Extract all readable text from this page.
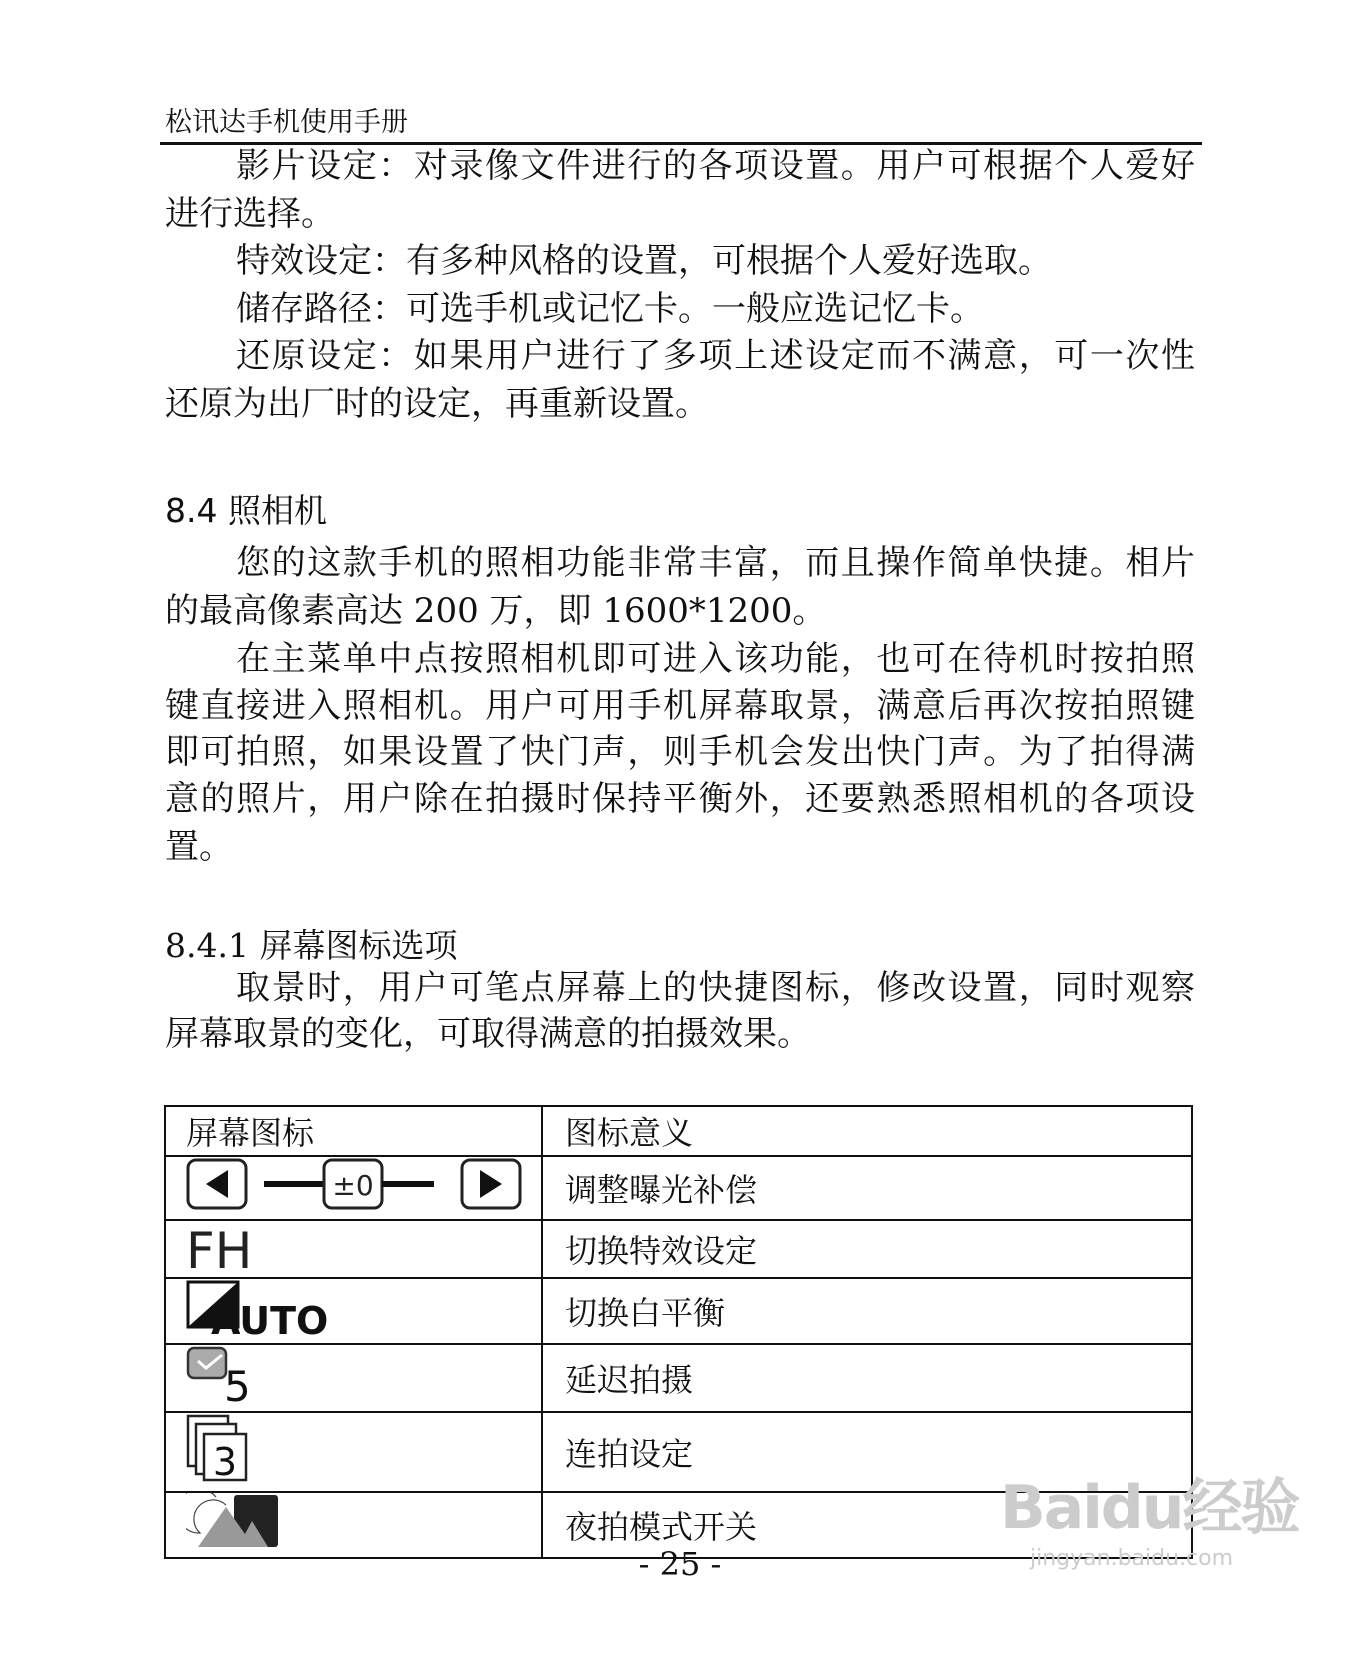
松讯达手机使用手册
影片设定：对录像文件进行的各项设置。用户可根据个人爱好
进行选择。
特效设定：有多种风格的设置，可根据个人爱好选取。
储存路径：可选手机或记忆卡。一般应选记忆卡。
还原设定：如果用户进行了多项上述设定而不满意，可一次性
还原为出厂时的设定，再重新设置。
8.4 照相机
您的这款手机的照相功能非常丰富，而且操作简单快捷。相片
的最高像素高达 200 万，即 1600*1200。
在主菜单中点按照相机即可进入该功能，也可在待机时按拍照
键直接进入照相机。用户可用手机屏幕取景，满意后再次按拍照键
即可拍照，如果设置了快门声，则手机会发出快门声。为了拍得满
意的照片，用户除在拍摄时保持平衡外，还要熟悉照相机的各项设
置。
8.4.1 屏幕图标选项
取景时，用户可笔点屏幕上的快捷图标，修改设置，同时观察
屏幕取景的变化，可取得满意的拍摄效果。
屏幕图标	图标意义

±0	调整曝光补偿

FH	切换特效设定

AUTO	切换白平衡

5	延迟拍摄

3	连拍设定
	夜拍模式开关
- 25 -
Baidu经验
jingyan.baidu.com
